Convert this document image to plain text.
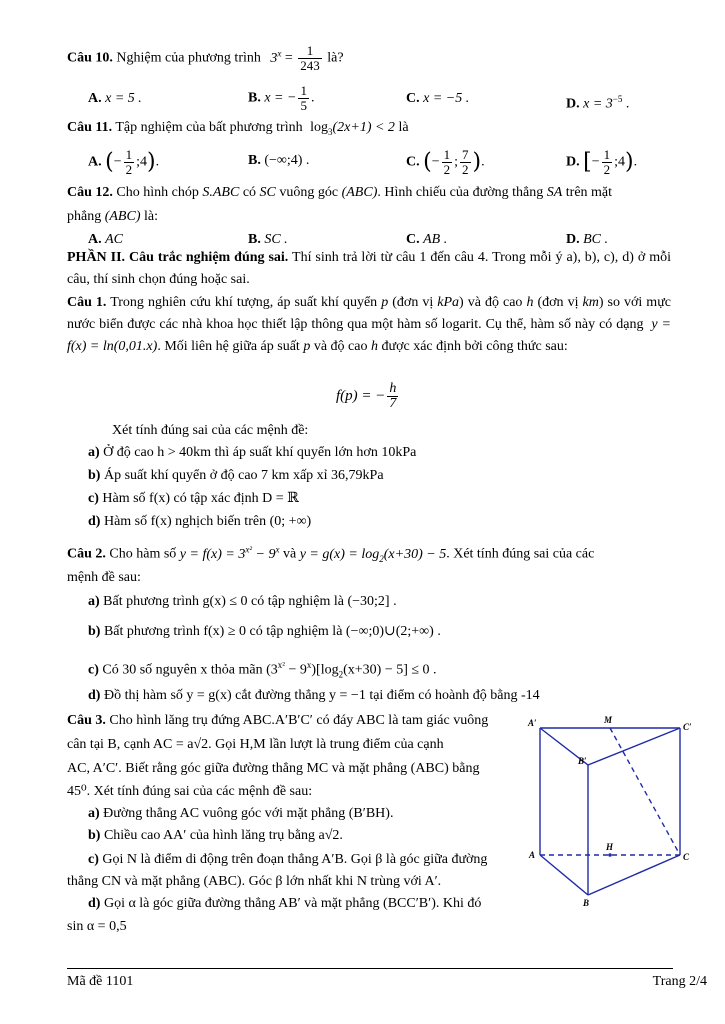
Câu 10. Nghiệm của phương trình $3^x = \frac{1}{243}$ là?
A. x = 5 .	B. x = − $\frac{1}{5}$ .	C. x = −5 .	D. $x = 3^{-5}$ .
Câu 11. Tập nghiệm của bất phương trình $\log_3(2x+1) < 2$ là
A. (− $\frac{1}{2}$ ;4).	B. (−∞;4) .	C. (− $\frac{1}{2}$ ; $\frac{7}{2}$ ).	D. [− $\frac{1}{2}$ ;4).
Câu 12. Cho hình chóp S.ABC có SC vuông góc (ABC). Hình chiếu của đường thẳng SA trên mặt
phẳng (ABC) là:
A. AC	B. SC .	C. AB .	D. BC .
PHẦN II. Câu trắc nghiệm đúng sai. Thí sinh trả lời từ câu 1 đến câu 4. Trong mỗi ý a), b), c), d) ở mỗi câu, thí sinh chọn đúng hoặc sai.
Câu 1. Trong nghiên cứu khí tượng, áp suất khí quyển p (đơn vị kPa) và độ cao h (đơn vị km) so với mực nước biển được các nhà khoa học thiết lập thông qua một hàm số logarit. Cụ thể, hàm số này có dạng y = f(x) = ln(0,01.x). Mối liên hệ giữa áp suất p và độ cao h được xác định bởi công thức sau:
f(p) = − $\frac{h}{7}$
Xét tính đúng sai của các mệnh đề:
a) Ở độ cao h > 40km thì áp suất khí quyển lớn hơn 10kPa
b) Áp suất khí quyển ở độ cao 7 km xấp xỉ 36,79kPa
c) Hàm số f(x) có tập xác định D = ℝ
d) Hàm số f(x) nghịch biến trên (0; +∞)
Câu 2. Cho hàm số $y = f(x) = 3^{x^2} - 9^x$ và $y = g(x) = \log_2(x+30) - 5$. Xét tính đúng sai của các
mệnh đề sau:
a) Bất phương trình g(x) ≤ 0 có tập nghiệm là (−30;2] .
b) Bất phương trình f(x) ≥ 0 có tập nghiệm là (−∞;0)∪(2;+∞) .
c) Có 30 số nguyên x thỏa mãn $(3^{x^2} - 9^x)[\log_2(x+30) - 5] \le 0$ .
d) Đồ thị hàm số y = g(x) cắt đường thẳng y = −1 tại điểm có hoành độ bằng -14
Câu 3. Cho hình lăng trụ đứng ABC.A′B′C′ có đáy ABC là tam giác vuông
cân tại B, cạnh AC = a√2. Gọi H,M lần lượt là trung điểm của cạnh
AC, A′C′. Biết rằng góc giữa đường thẳng MC và mặt phẳng (ABC) bằng
45⁰. Xét tính đúng sai của các mệnh đề sau:
a) Đường thẳng AC vuông góc với mặt phẳng (B′BH).
b) Chiều cao AA′ của hình lăng trụ bằng a√2.
c) Gọi N là điểm di động trên đoạn thẳng A′B. Gọi β là góc giữa đường
thẳng CN và mặt phẳng (ABC). Góc β lớn nhất khi N trùng với A′.
d) Gọi α là góc giữa đường thẳng AB′ và mặt phẳng (BCC′B′). Khi đó
sin α = 0,5
A′	M
C′
B′
H
A	C
B
Mã đề 1101	Trang 2/4
